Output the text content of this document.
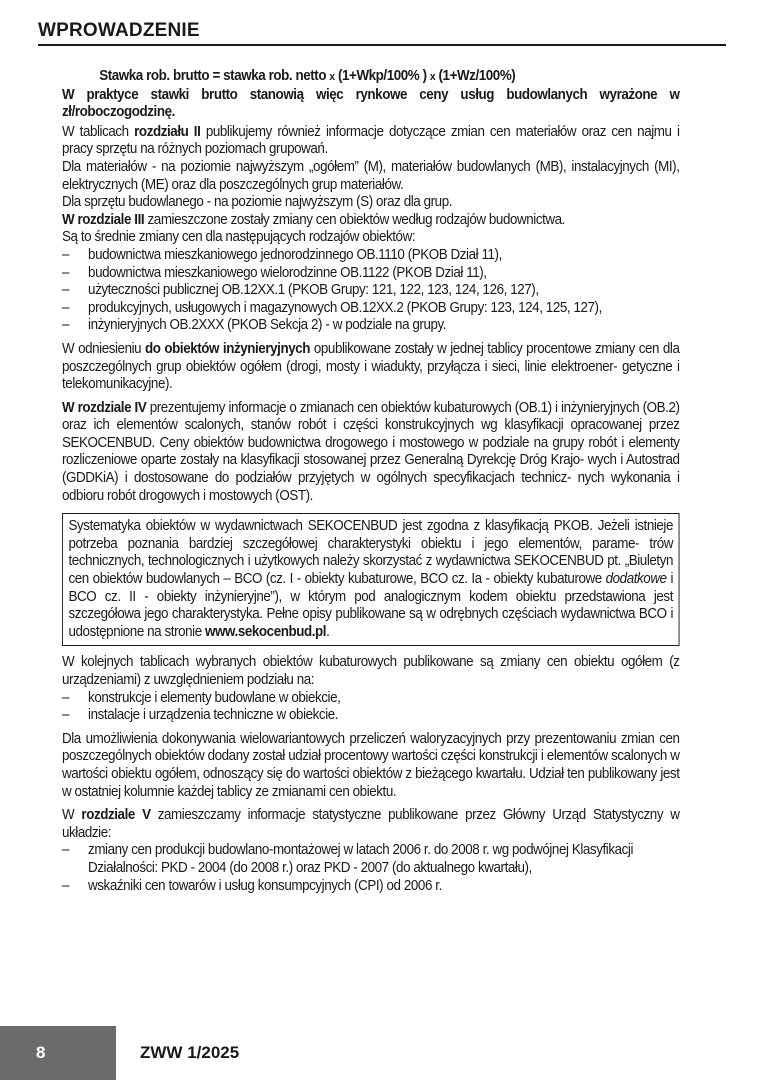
WPROWADZENIE

Stawka rob. brutto = stawka rob. netto x (1+Wkp/100% ) x (1+Wz/100%)

W praktyce stawki brutto stanowią więc rynkowe ceny usług budowlanych wyrażone w zł/roboczogodzinę.

W tablicach rozdziału II publikujemy również informacje dotyczące zmian cen materiałów oraz cen najmu i pracy sprzętu na różnych poziomach grupowań.

Dla materiałów - na poziomie najwyższym „ogółem” (M), materiałów budowlanych (MB), instalacyjnych (MI), elektrycznych (ME) oraz dla poszczególnych grup materiałów.

Dla sprzętu budowlanego - na poziomie najwyższym (S) oraz dla grup.

W rozdziale III zamieszczone zostały zmiany cen obiektów według rodzajów budownictwa.

Są to średnie zmiany cen dla następujących rodzajów obiektów:

– budownictwa mieszkaniowego jednorodzinnego OB.1110 (PKOB Dział 11),
– budownictwa mieszkaniowego wielorodzinne OB.1122 (PKOB Dział 11),
– użyteczności publicznej OB.12XX.1 (PKOB Grupy: 121, 122, 123, 124, 126, 127),
– produkcyjnych, usługowych i magazynowych OB.12XX.2 (PKOB Grupy: 123, 124, 125, 127),
– inżynieryjnych OB.2XXX (PKOB Sekcja 2) - w podziale na grupy.

W odniesieniu do obiektów inżynieryjnych opublikowane zostały w jednej tablicy procentowe zmiany cen dla poszczególnych grup obiektów ogółem (drogi, mosty i wiadukty, przyłącza i sieci, linie elektroener- getyczne i telekomunikacyjne).

W rozdziale IV prezentujemy informacje o zmianach cen obiektów kubaturowych (OB.1) i inżynieryjnych (OB.2) oraz ich elementów scalonych, stanów robót i części konstrukcyjnych wg klasyfikacji opracowanej przez SEKOCENBUD. Ceny obiektów budownictwa drogowego i mostowego w podziale na grupy robót i elementy rozliczeniowe oparte zostały na klasyfikacji stosowanej przez Generalną Dyrekcję Dróg Krajo- wych i Autostrad (GDDKiA) i dostosowane do podziałów przyjętych w ogólnych specyfikacjach technicz- nych wykonania i odbioru robót drogowych i mostowych (OST).

Systematyka obiektów w wydawnictwach SEKOCENBUD jest zgodna z klasyfikacją PKOB. Jeżeli istnieje potrzeba poznania bardziej szczegółowej charakterystyki obiektu i jego elementów, parame- trów technicznych, technologicznych i użytkowych należy skorzystać z wydawnictwa SEKOCENBUD pt. „Biuletyn cen obiektów budowlanych – BCO (cz. I - obiekty kubaturowe, BCO cz. Ia - obiekty kubaturowe dodatkowe i BCO cz. II - obiekty inżynieryjne”), w którym pod analogicznym kodem obiektu przedstawiona jest szczegółowa jego charakterystyka. Pełne opisy publikowane są w odrębnych częściach wydawnictwa BCO i udostępnione na stronie www.sekocenbud.pl.

W kolejnych tablicach wybranych obiektów kubaturowych publikowane są zmiany cen obiektu ogółem (z urządzeniami) z uwzględnieniem podziału na:

– konstrukcje i elementy budowlane w obiekcie,
– instalacje i urządzenia techniczne w obiekcie.

Dla umożliwienia dokonywania wielowariantowych przeliczeń waloryzacyjnych przy prezentowaniu zmian cen poszczególnych obiektów dodany został udział procentowy wartości części konstrukcji i elementów scalonych w wartości obiektu ogółem, odnoszący się do wartości obiektów z bieżącego kwartału. Udział ten publikowany jest w ostatniej kolumnie każdej tablicy ze zmianami cen obiektu.

W rozdziale V zamieszczamy informacje statystyczne publikowane przez Główny Urząd Statystyczny w układzie:

– zmiany cen produkcji budowlano-montażowej w latach 2006 r. do 2008 r. wg podwójnej Klasyfikacji Działalności: PKD - 2004 (do 2008 r.) oraz PKD - 2007 (do aktualnego kwartału),
– wskaźniki cen towarów i usług konsumpcyjnych (CPI) od 2006 r.
8	ZWW 1/2025
